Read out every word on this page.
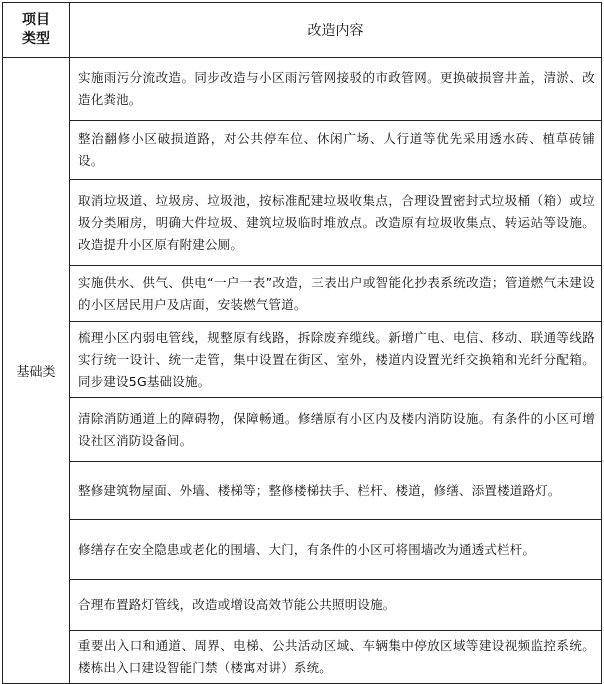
项目
类型	改造内容
基础类	实施雨污分流改造。同步改造与小区雨污管网接驳的市政管网。更换破损窨井盖，清淤、改造化粪池。
	整治翻修小区破损道路，对公共停车位、休闲广场、人行道等优先采用透水砖、植草砖铺设。
	取消垃圾道、垃圾房、垃圾池，按标准配建垃圾收集点，合理设置密封式垃圾桶（箱）或垃圾分类厢房，明确大件垃圾、建筑垃圾临时堆放点。改造原有垃圾收集点、转运站等设施。改造提升小区原有附建公厕。
	实施供水、供气、供电“一户一表”改造，三表出户或智能化抄表系统改造；管道燃气未建设的小区居民用户及店面，安装燃气管道。
	梳理小区内弱电管线，规整原有线路，拆除废弃缆线。新增广电、电信、移动、联通等线路实行统一设计、统一走管，集中设置在街区、室外，楼道内设置光纤交换箱和光纤分配箱。同步建设5G基础设施。
	清除消防通道上的障碍物，保障畅通。修缮原有小区内及楼内消防设施。有条件的小区可增设社区消防设备间。
	整修建筑物屋面、外墙、楼梯等；整修楼梯扶手、栏杆、楼道，修缮、添置楼道路灯。
	修缮存在安全隐患或老化的围墙、大门，有条件的小区可将围墙改为通透式栏杆。
	合理布置路灯管线，改造或增设高效节能公共照明设施。
	重要出入口和通道、周界、电梯、公共活动区域、车辆集中停放区域等建设视频监控系统。楼栋出入口建设智能门禁（楼寓对讲）系统。
